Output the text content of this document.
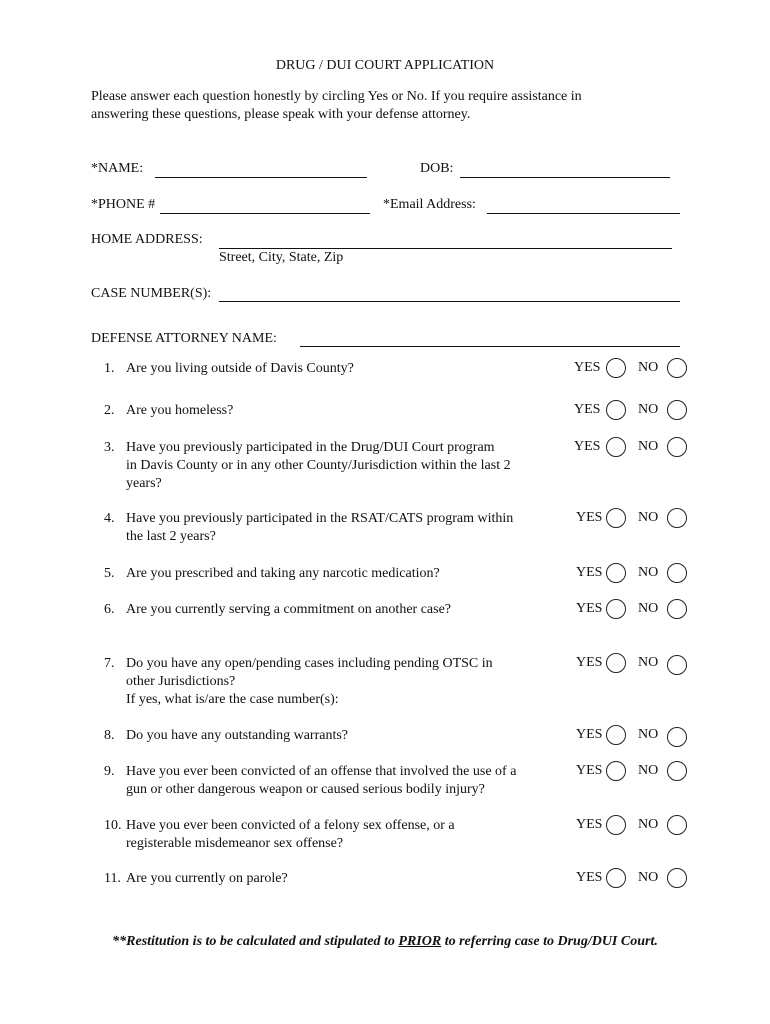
DRUG / DUI COURT APPLICATION
Please answer each question honestly by circling Yes or No. If you require assistance in
answering these questions, please speak with your defense attorney.
*NAME:	DOB:
*PHONE #	*Email Address:
HOME ADDRESS:
Street, City, State, Zip
CASE NUMBER(S):
DEFENSE ATTORNEY NAME:
1. Are you living outside of Davis County?	YES	NO
2. Are you homeless?	YES	NO
3. Have you previously participated in the Drug/DUI Court program
in Davis County or in any other County/Jurisdiction within the last 2
years?
YES	NO
4. Have you previously participated in the RSAT/CATS program within
the last 2 years?
YES	NO
5. Are you prescribed and taking any narcotic medication?	YES	NO
6. Are you currently serving a commitment on another case?	YES	NO
7. Do you have any open/pending cases including pending OTSC in
other Jurisdictions?
If yes, what is/are the case number(s):
YES	NO
8. Do you have any outstanding warrants?	YES	NO
9. Have you ever been convicted of an offense that involved the use of a
gun or other dangerous weapon or caused serious bodily injury?
YES	NO
10. Have you ever been convicted of a felony sex offense, or a
registerable misdemeanor sex offense?
YES	NO
11. Are you currently on parole?	YES	NO
**Restitution is to be calculated and stipulated to PRIOR to referring case to Drug/DUI Court.
